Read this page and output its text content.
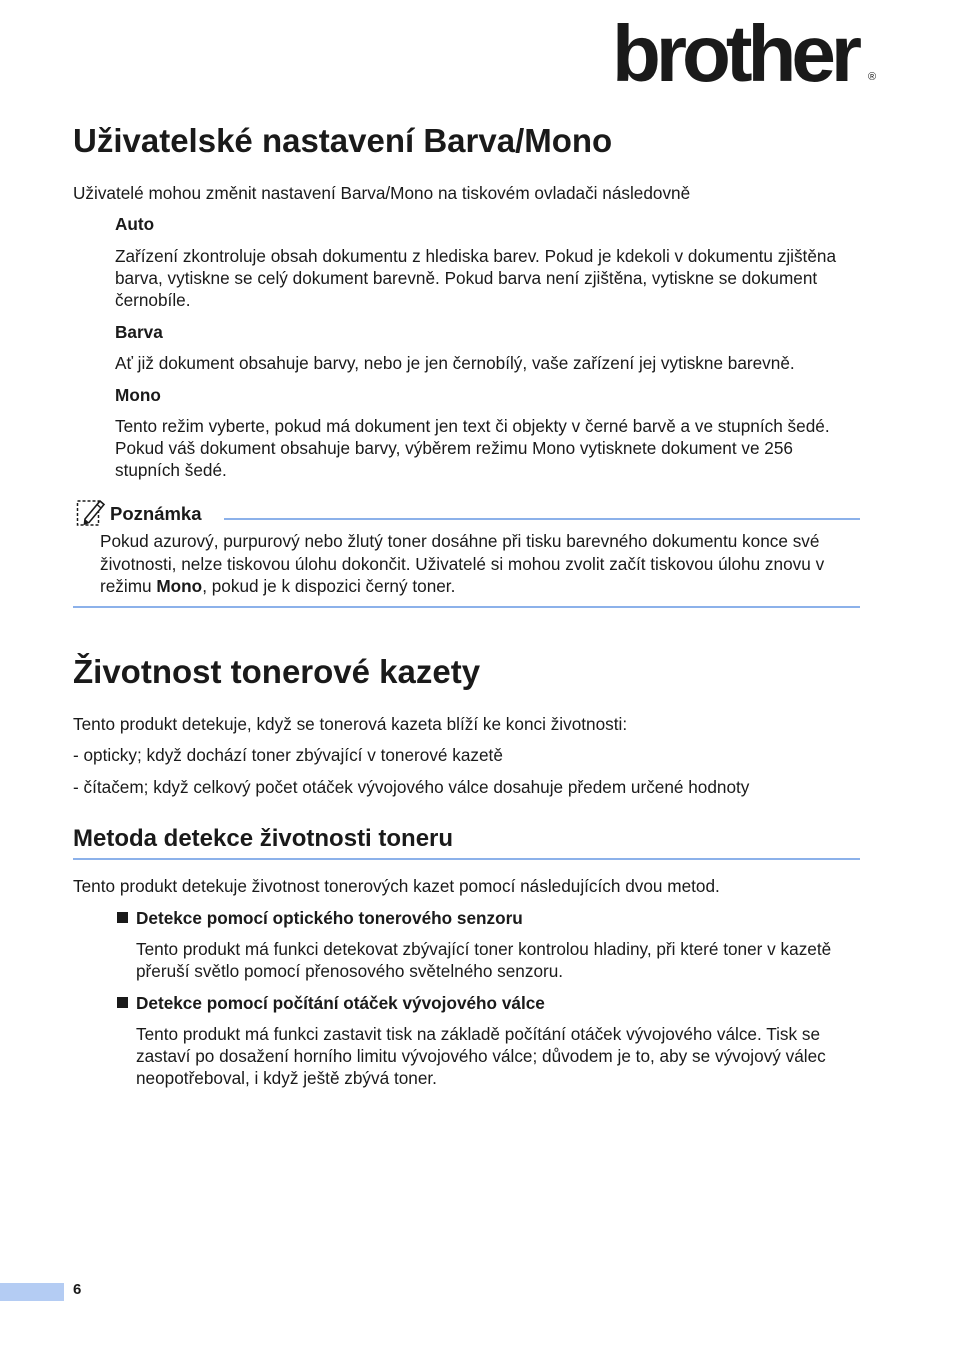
brother ®
Uživatelské nastavení Barva/Mono

Uživatelé mohou změnit nastavení Barva/Mono na tiskovém ovladači následovně

Auto

Zařízení zkontroluje obsah dokumentu z hlediska barev. Pokud je kdekoli v dokumentu zjištěna barva, vytiskne se celý dokument barevně. Pokud barva není zjištěna, vytiskne se dokument černobíle.

Barva

Ať již dokument obsahuje barvy, nebo je jen černobílý, vaše zařízení jej vytiskne barevně.

Mono

Tento režim vyberte, pokud má dokument jen text či objekty v černé barvě a ve stupních šedé. Pokud váš dokument obsahuje barvy, výběrem režimu Mono vytisknete dokument ve 256 stupních šedé.

Poznámka

Pokud azurový, purpurový nebo žlutý toner dosáhne při tisku barevného dokumentu konce své životnosti, nelze tiskovou úlohu dokončit. Uživatelé si mohou zvolit začít tiskovou úlohu znovu v režimu Mono, pokud je k dispozici černý toner.

Životnost tonerové kazety

Tento produkt detekuje, když se tonerová kazeta blíží ke konci životnosti:

- opticky; když dochází toner zbývající v tonerové kazetě

- čítačem; když celkový počet otáček vývojového válce dosahuje předem určené hodnoty

Metoda detekce životnosti toneru

Tento produkt detekuje životnost tonerových kazet pomocí následujících dvou metod.

Detekce pomocí optického tonerového senzoru

Tento produkt má funkci detekovat zbývající toner kontrolou hladiny, při které toner v kazetě přeruší světlo pomocí přenosového světelného senzoru.

Detekce pomocí počítání otáček vývojového válce

Tento produkt má funkci zastavit tisk na základě počítání otáček vývojového válce. Tisk se zastaví po dosažení horního limitu vývojového válce; důvodem je to, aby se vývojový válec neopotřeboval, i když ještě zbývá toner.

6
